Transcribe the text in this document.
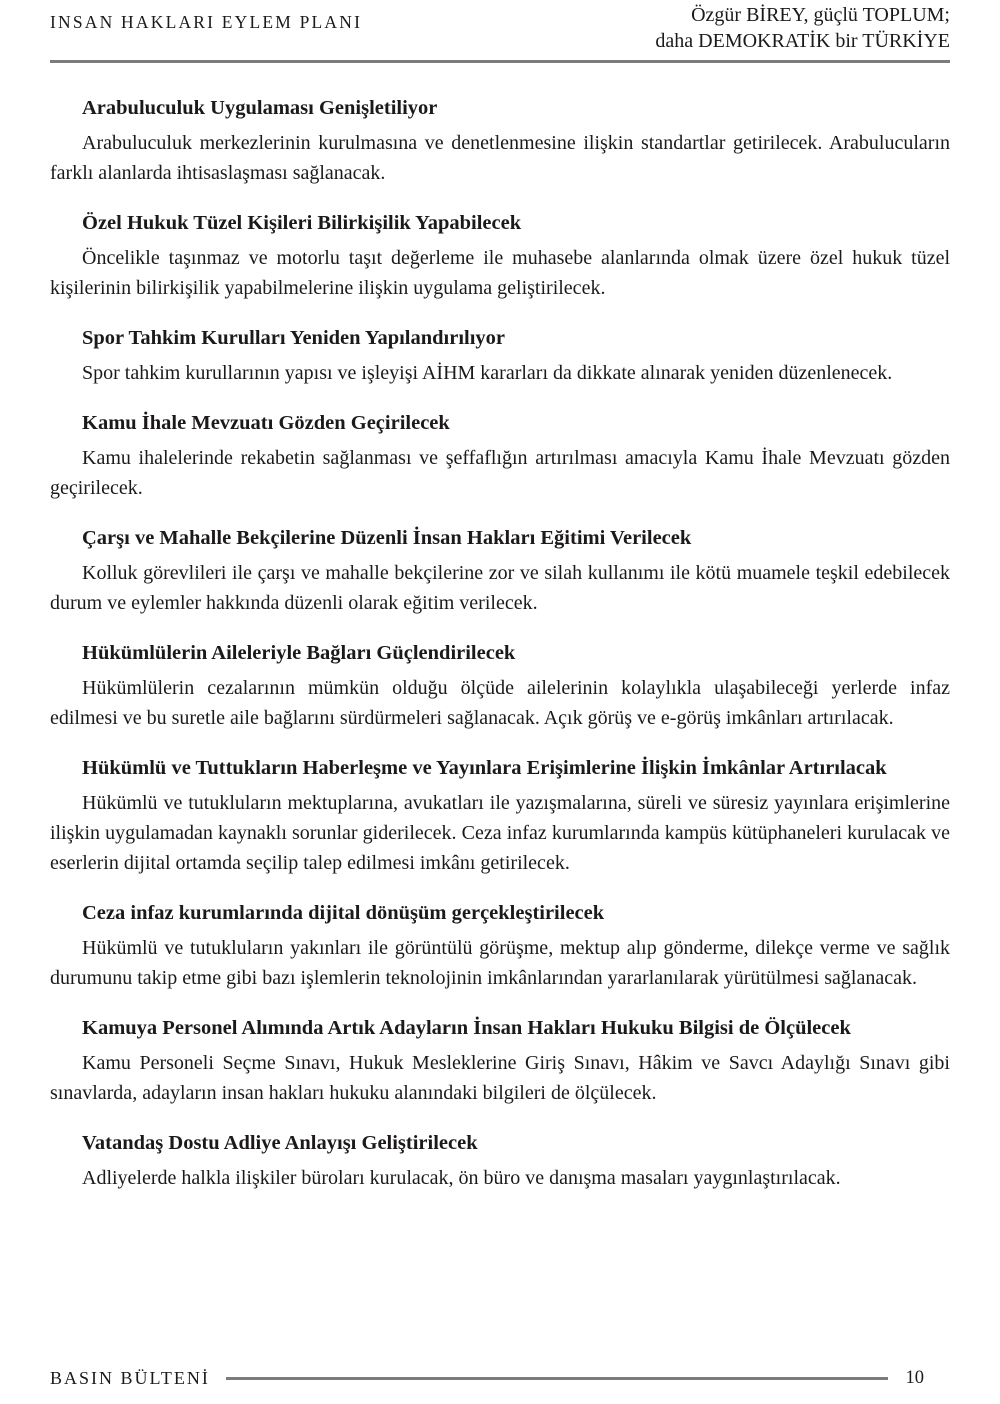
INSAN HAKLARI EYLEM PLANI	Özgür BİREY, güçlü TOPLUM;
daha DEMOKRATİK bir TÜRKİYE
Arabuluculuk Uygulaması Genişletiliyor

Arabuluculuk merkezlerinin kurulmasına ve denetlenmesine ilişkin standartlar getirilecek. Arabulucuların farklı alanlarda ihtisaslaşması sağlanacak.

Özel Hukuk Tüzel Kişileri Bilirkişilik Yapabilecek

Öncelikle taşınmaz ve motorlu taşıt değerleme ile muhasebe alanlarında olmak üzere özel hukuk tüzel kişilerinin bilirkişilik yapabilmelerine ilişkin uygulama geliştirilecek.

Spor Tahkim Kurulları Yeniden Yapılandırılıyor

Spor tahkim kurullarının yapısı ve işleyişi AİHM kararları da dikkate alınarak yeniden düzenlenecek.

Kamu İhale Mevzuatı Gözden Geçirilecek

Kamu ihalelerinde rekabetin sağlanması ve şeffaflığın artırılması amacıyla Kamu İhale Mevzuatı gözden geçirilecek.

Çarşı ve Mahalle Bekçilerine Düzenli İnsan Hakları Eğitimi Verilecek

Kolluk görevlileri ile çarşı ve mahalle bekçilerine zor ve silah kullanımı ile kötü muamele teşkil edebilecek durum ve eylemler hakkında düzenli olarak eğitim verilecek.

Hükümlülerin Aileleriyle Bağları Güçlendirilecek

Hükümlülerin cezalarının mümkün olduğu ölçüde ailelerinin kolaylıkla ulaşabileceği yerlerde infaz edilmesi ve bu suretle aile bağlarını sürdürmeleri sağlanacak. Açık görüş ve e-görüş imkânları artırılacak.

Hükümlü ve Tuttukların Haberleşme ve Yayınlara Erişimlerine İlişkin İmkânlar Artırılacak

Hükümlü ve tutukluların mektuplarına, avukatları ile yazışmalarına, süreli ve süresiz yayınlara erişimlerine ilişkin uygulamadan kaynaklı sorunlar giderilecek. Ceza infaz kurumlarında kampüs kütüphaneleri kurulacak ve eserlerin dijital ortamda seçilip talep edilmesi imkânı getirilecek.

Ceza infaz kurumlarında dijital dönüşüm gerçekleştirilecek

Hükümlü ve tutukluların yakınları ile görüntülü görüşme, mektup alıp gönderme, dilekçe verme ve sağlık durumunu takip etme gibi bazı işlemlerin teknolojinin imkânlarından yararlanılarak yürütülmesi sağlanacak.

Kamuya Personel Alımında Artık Adayların İnsan Hakları Hukuku Bilgisi de Ölçülecek

Kamu Personeli Seçme Sınavı, Hukuk Mesleklerine Giriş Sınavı, Hâkim ve Savcı Adaylığı Sınavı gibi sınavlarda, adayların insan hakları hukuku alanındaki bilgileri de ölçülecek.

Vatandaş Dostu Adliye Anlayışı Geliştirilecek

Adliyelerde halkla ilişkiler büroları kurulacak, ön büro ve danışma masaları yaygınlaştırılacak.

BASIN BÜLTENİ	10
